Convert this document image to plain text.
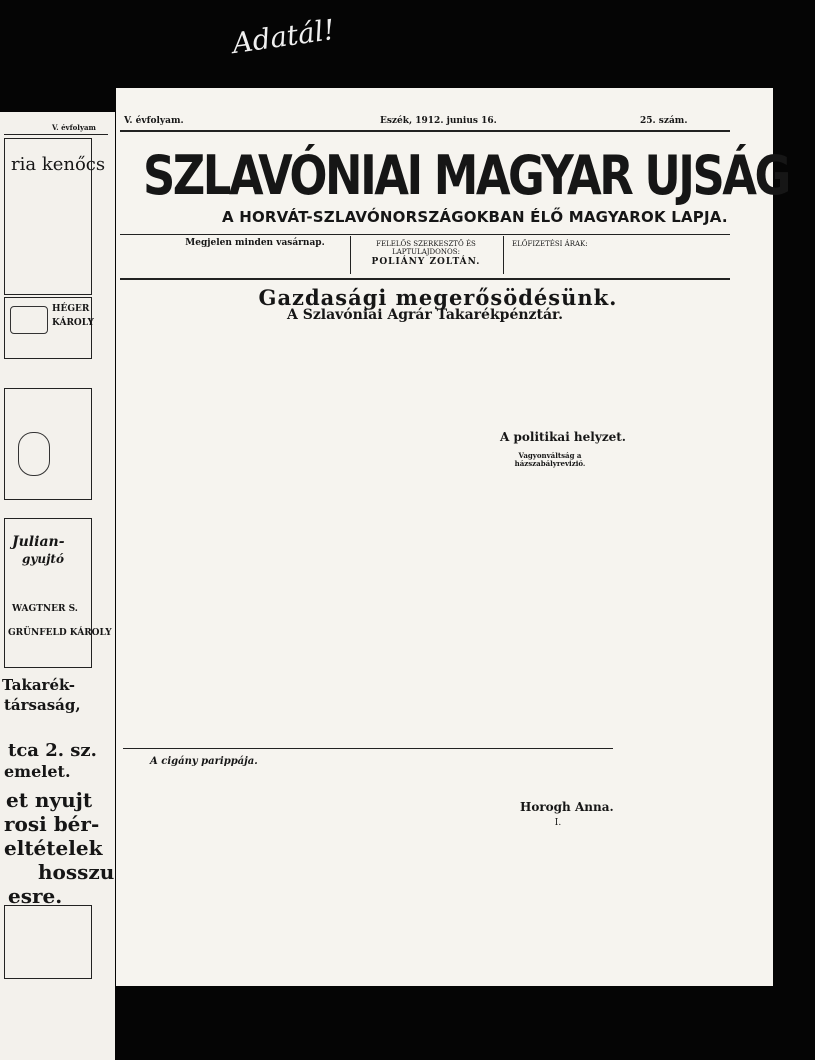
Adatál!
V. évfolyam
ria kenőcs
HÉGER
KÁROLY
Julian-
gyujtó
WAGTNER S.
GRÜNFELD KÁROLY
Takarék-
társaság,
tca 2. sz.
emelet.
et nyujt
rosi bér-
eltételek
hosszu
esre.
V. évfolyam.	Eszék, 1912. junius 16.	25. szám.
SZLAVÓNIAI MAGYAR UJSÁG
A HORVÁT-SZLAVÓNORSZÁGOKBAN ÉLŐ MAGYAROK LAPJA.
Megjelen minden vasárnap.	FELELŐS SZERKESZTŐ ÉS LAPTULAJDONOS:
POLIÁNY ZOLTÁN.
ELŐFIZETÉSI ÁRAK:
Gazdasági megerősödésünk.
A Szlavóniai Agrár Takarékpénztár.
A politikai helyzet.
Vagyonváltság a házszabályrevizió.
A cigány parippája.
Horogh Anna.
I.
